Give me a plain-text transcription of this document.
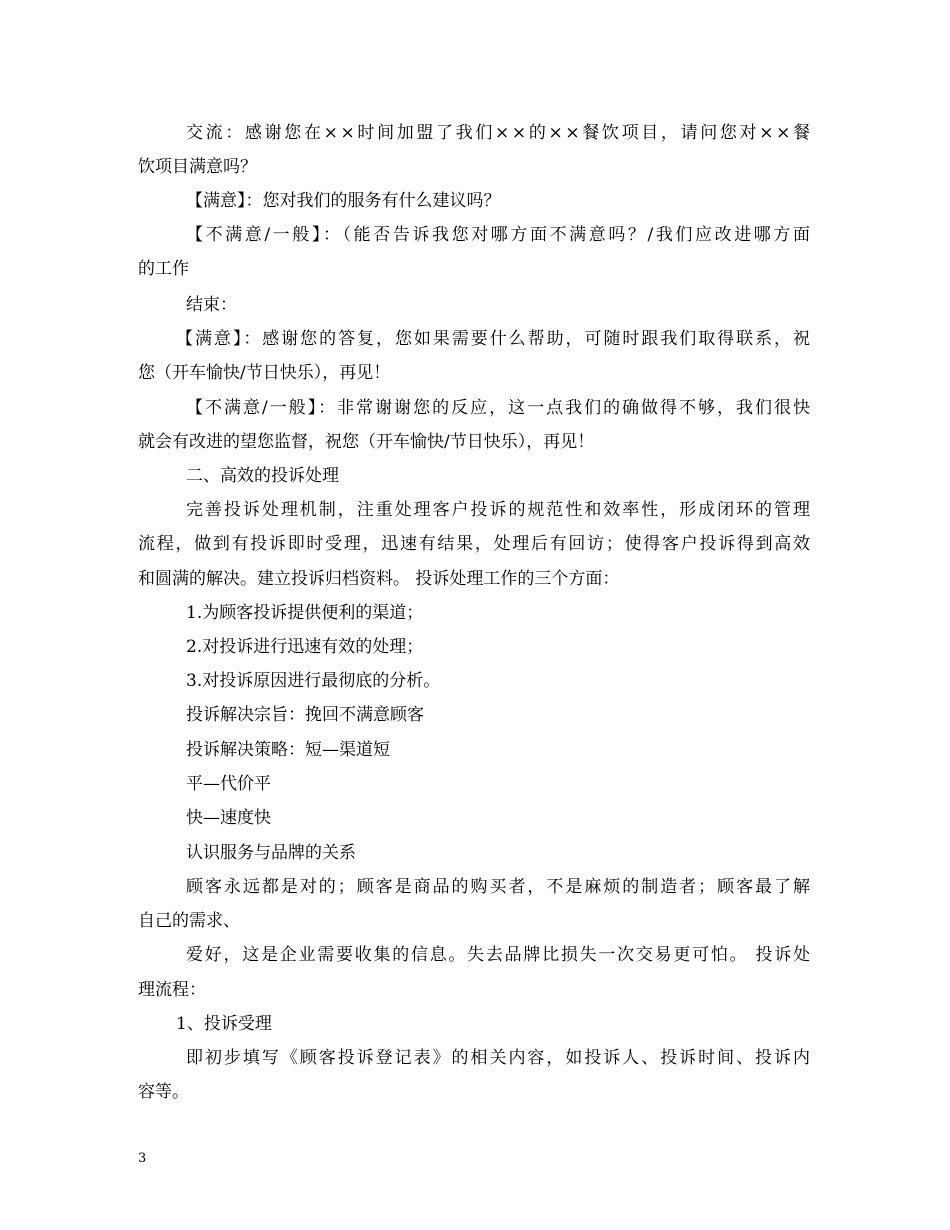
交流：感谢您在××时间加盟了我们××的××餐饮项目，请问您对××餐
饮项目满意吗？
【满意】：您对我们的服务有什么建议吗？
【不满意/一般】：（能否告诉我您对哪方面不满意吗？/我们应改进哪方面
的工作
结束：
【满意】：感谢您的答复，您如果需要什么帮助，可随时跟我们取得联系，祝
您（开车愉快/节日快乐），再见！
【不满意/一般】：非常谢谢您的反应，这一点我们的确做得不够，我们很快
就会有改进的望您监督，祝您（开车愉快/节日快乐），再见！
二、高效的投诉处理
完善投诉处理机制，注重处理客户投诉的规范性和效率性，形成闭环的管理
流程，做到有投诉即时受理，迅速有结果，处理后有回访；使得客户投诉得到高效
和圆满的解决。建立投诉归档资料。 投诉处理工作的三个方面：
1.为顾客投诉提供便利的渠道；
2.对投诉进行迅速有效的处理；
3.对投诉原因进行最彻底的分析。
投诉解决宗旨：挽回不满意顾客
投诉解决策略：短—渠道短
平—代价平
快—速度快
认识服务与品牌的关系
顾客永远都是对的；顾客是商品的购买者，不是麻烦的制造者；顾客最了解
自己的需求、
爱好，这是企业需要收集的信息。失去品牌比损失一次交易更可怕。 投诉处
理流程：
1、投诉受理
即初步填写《顾客投诉登记表》的相关内容，如投诉人、投诉时间、投诉内
容等。
3
